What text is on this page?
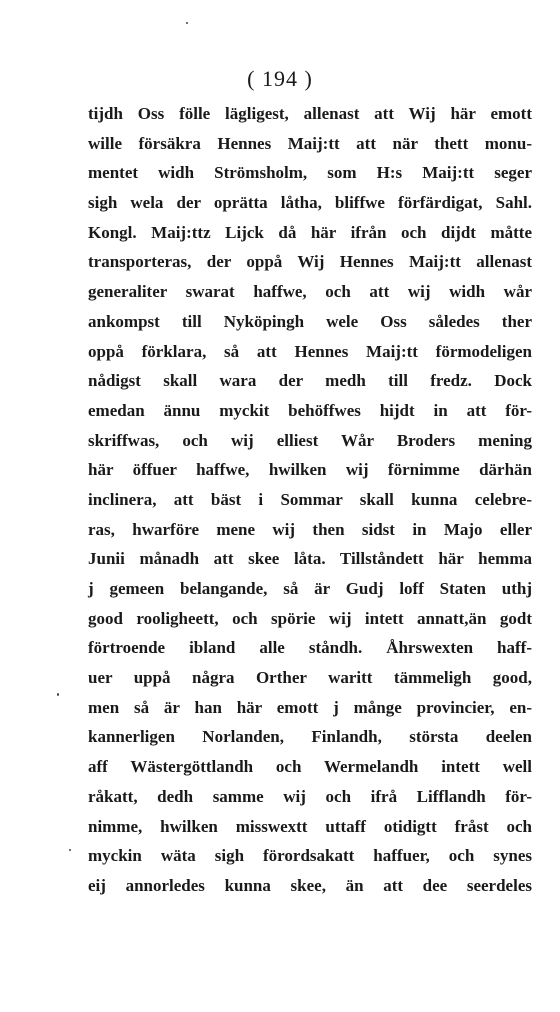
( 194 )
tijdh Oss fölle lägligest, allenast att Wij här emott
wille försäkra Hennes Maij:tt att när thett monu-
mentet widh Strömsholm, som H:s Maij:tt seger
sigh wela der oprätta låtha, bliffwe förfärdigat, Sahl.
Kongl. Maij:ttz Lijck då här ifrån och dijdt måtte
transporteras, der oppå Wij Hennes Maij:tt allenast
generaliter swarat haffwe, och att wij widh wår
ankompst till Nyköpingh wele Oss således ther
oppå förklara, så att Hennes Maij:tt förmodeligen
nådigst skall wara der medh till fredz. Dock
emedan ännu myckit behöffwes hijdt in att för-
skriffwas, och wij elliest Wår Broders mening
här öffuer haffwe, hwilken wij förnimme därhän
inclinera, att bäst i Sommar skall kunna celebre-
ras, hwarföre mene wij then sidst in Majo eller
Junii månadh att skee låta. Tillståndett här hemma
j gemeen belangande, så är Gudj loff Staten uthj
good rooligheett, och spörie wij intett annatt,än godt
förtroende ibland alle ståndh. Åhrswexten haff-
uer uppå några Orther waritt tämmeligh good,
men så är han här emott j månge provincier, en-
kannerligen Norlanden, Finlandh, största deelen
aff Wästergöttlandh och Wermelandh intett well
råkatt, dedh samme wij och ifrå Lifflandh för-
nimme, hwilken misswextt uttaff otidigtt fråst och
myckin wäta sigh förordsakatt haffuer, och synes
eij annorledes kunna skee, än att dee seerdeles
